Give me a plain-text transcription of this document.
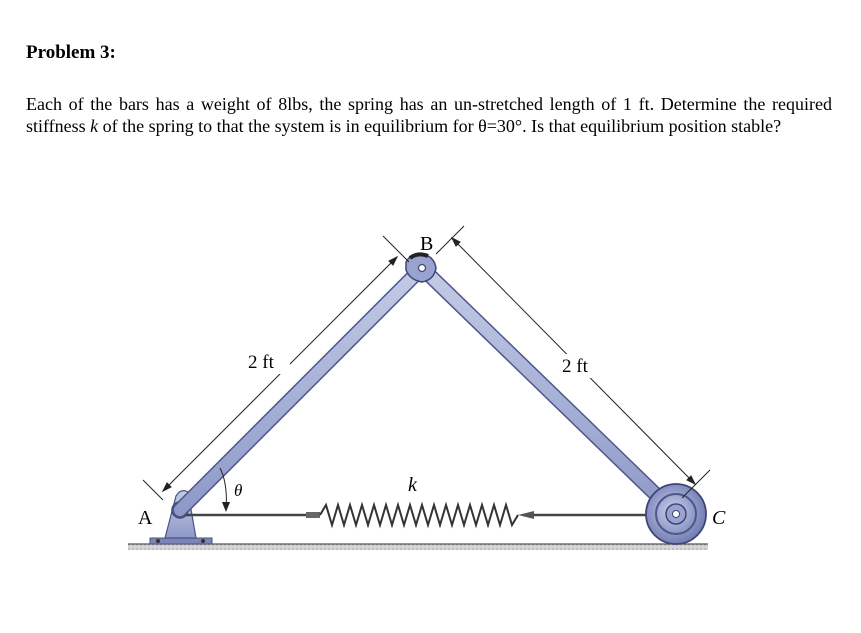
Problem 3:

Each of the bars has a weight of 8lbs, the spring has an un-stretched length of 1 ft. Determine the required stiffness k of the spring to that the system is in equilibrium for θ=30°. Is that equilibrium position stable?

2 ft	2 ft
B
A	C
k
θ
